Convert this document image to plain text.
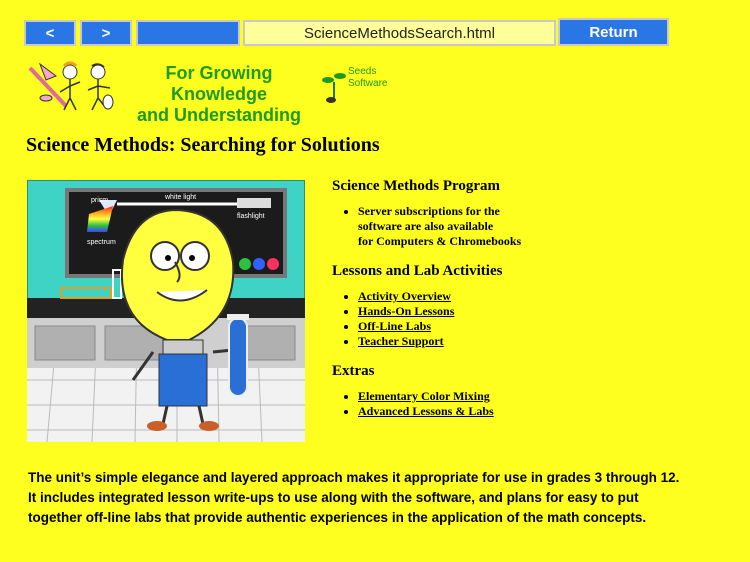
<	>	ScienceMethodsSearch.html	Return
For Growing Knowledge
and Understanding
Seeds
Software
Science Methods: Searching for Solutions
prism	white light
flashlight
spectrum
Science Methods Program
• Server subscriptions for the
software are also available
for Computers & Chromebooks
Lessons and Lab Activities
• Activity Overview
• Hands-On Lessons
• Off-Line Labs
• Teacher Support
Extras
• Elementary Color Mixing
• Advanced Lessons & Labs
The unit’s simple elegance and layered approach makes it appropriate for use in grades 3 through 12.
It includes integrated lesson write-ups to use along with the software, and plans for easy to put
together off-line labs that provide authentic experiences in the application of the math concepts.
